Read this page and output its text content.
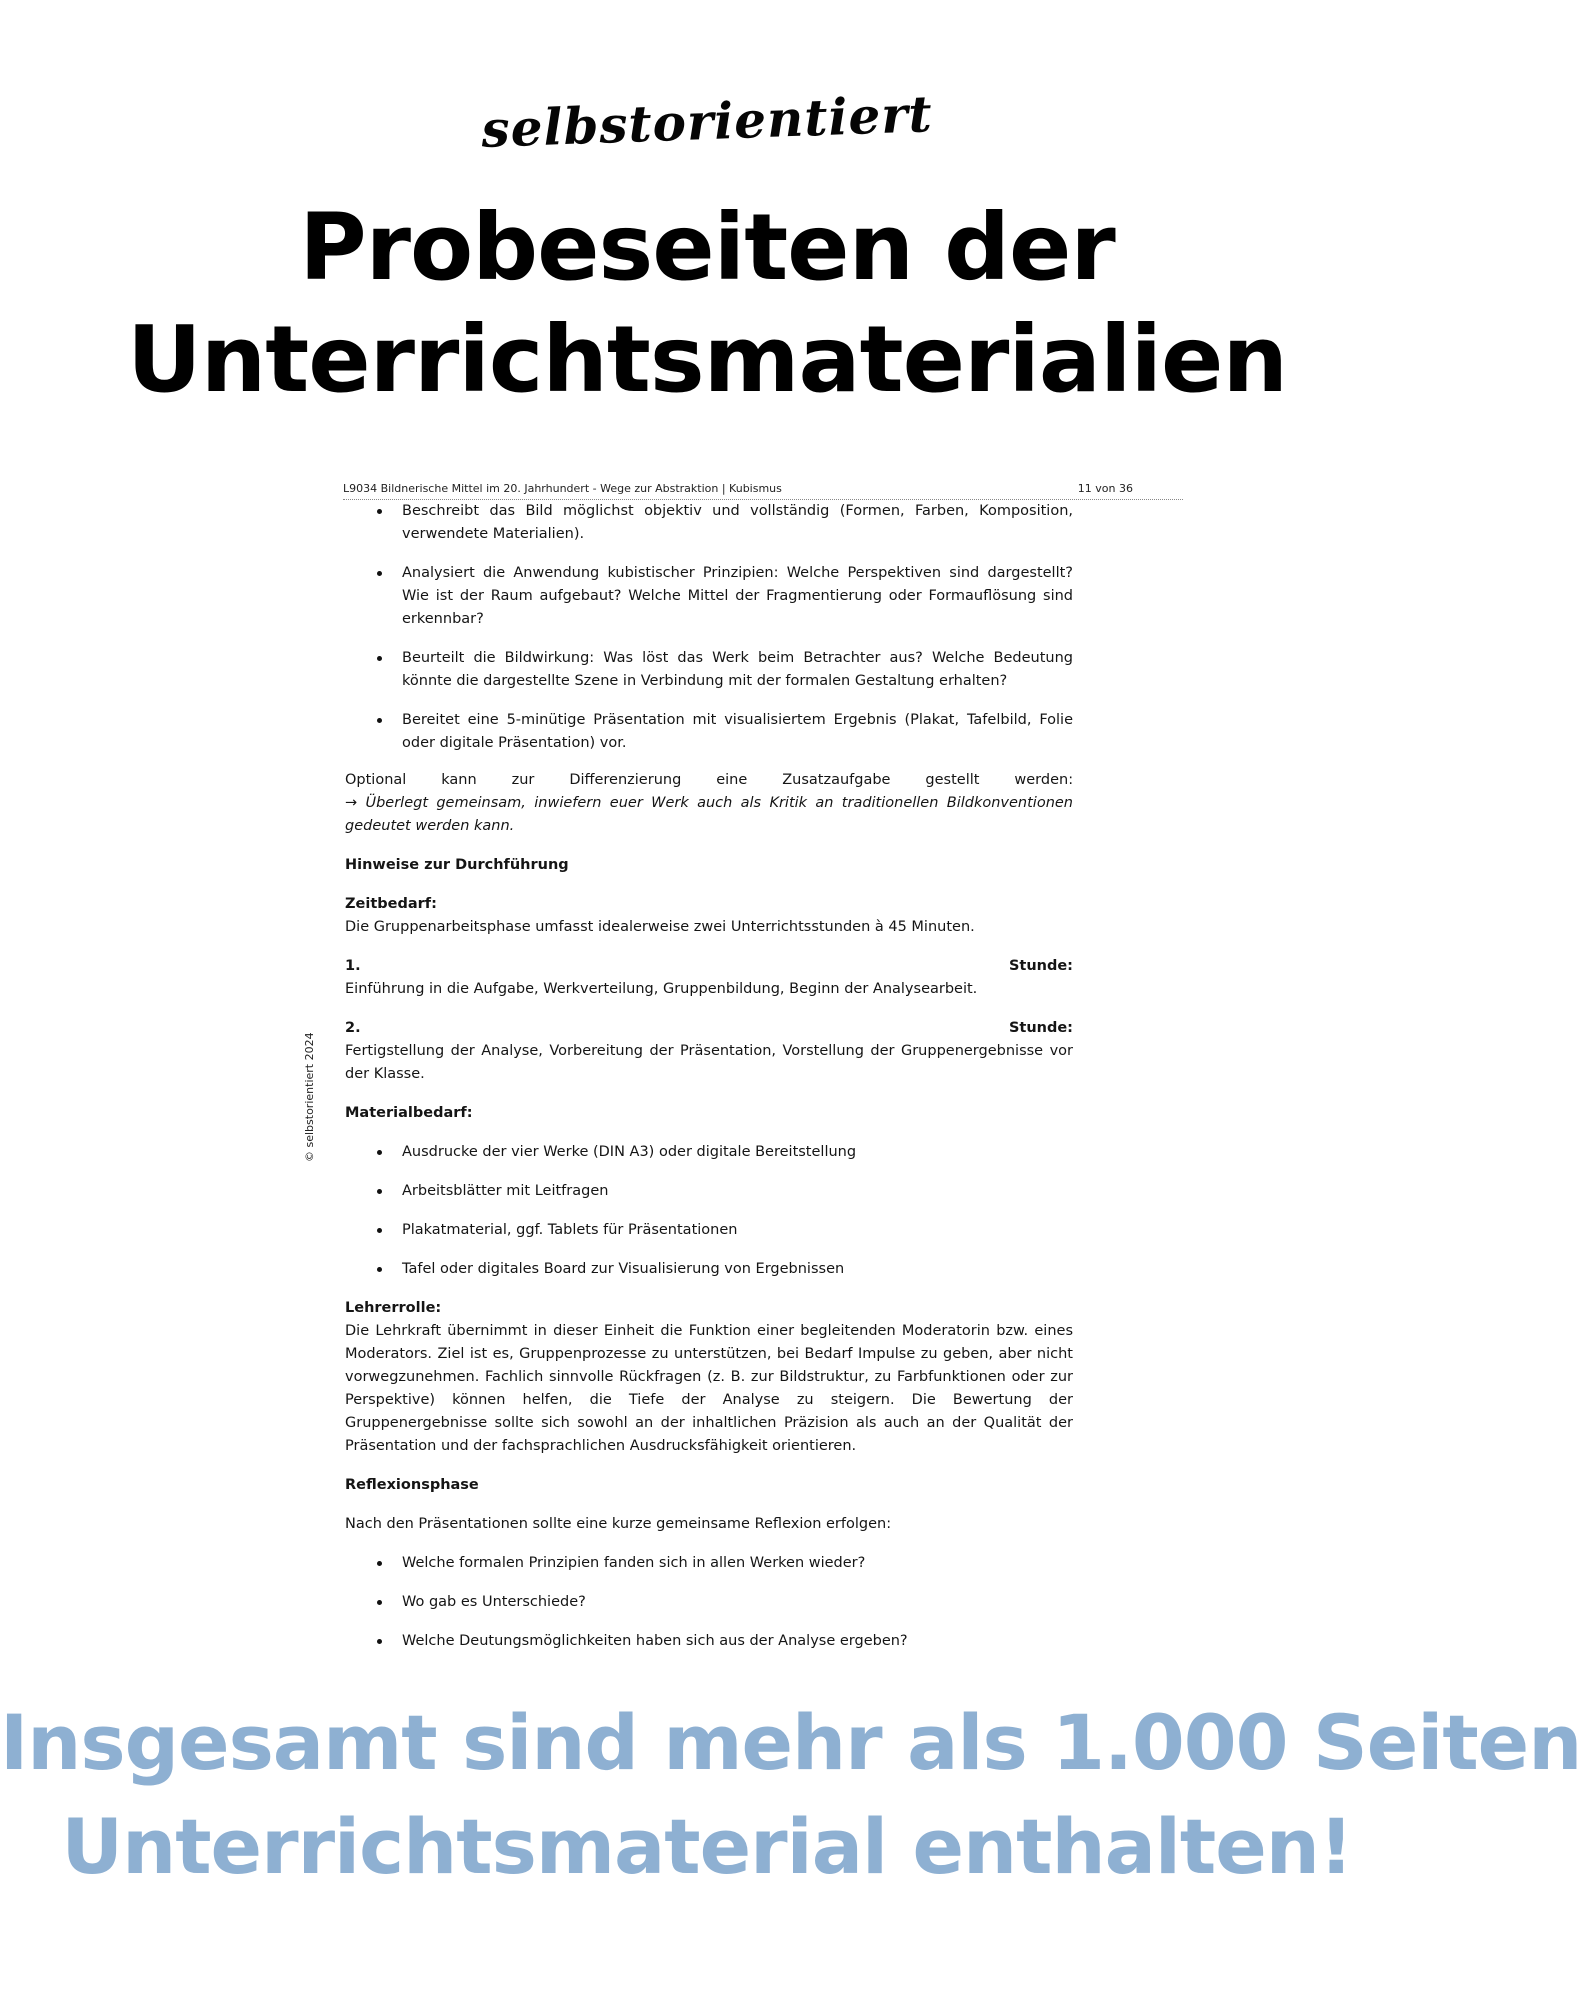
selbstorientiert
Probeseiten der
Unterrichtsmaterialien
© selbstorientiert 2024
L9034 Bildnerische Mittel im 20. Jahrhundert - Wege zur Abstraktion | Kubismus	11 von 36
Beschreibt das Bild möglichst objektiv und vollständig (Formen, Farben, Komposition, verwendete Materialien).
Analysiert die Anwendung kubistischer Prinzipien: Welche Perspektiven sind dargestellt? Wie ist der Raum aufgebaut? Welche Mittel der Fragmentierung oder Formauflösung sind erkennbar?
Beurteilt die Bildwirkung: Was löst das Werk beim Betrachter aus? Welche Bedeutung könnte die dargestellte Szene in Verbindung mit der formalen Gestaltung erhalten?
Bereitet eine 5-minütige Präsentation mit visualisiertem Ergebnis (Plakat, Tafelbild, Folie oder digitale Präsentation) vor.

Optional kann zur Differenzierung eine Zusatzaufgabe gestellt werden:

→ Überlegt gemeinsam, inwiefern euer Werk auch als Kritik an traditionellen Bildkonventionen gedeutet werden kann.

Hinweise zur Durchführung

Zeitbedarf:

Die Gruppenarbeitsphase umfasst idealerweise zwei Unterrichtsstunden à 45 Minuten.

1.	Stunde:

Einführung in die Aufgabe, Werkverteilung, Gruppenbildung, Beginn der Analysearbeit.

2.	Stunde:

Fertigstellung der Analyse, Vorbereitung der Präsentation, Vorstellung der Gruppenergebnisse vor der Klasse.

Materialbedarf:

Ausdrucke der vier Werke (DIN A3) oder digitale Bereitstellung
Arbeitsblätter mit Leitfragen
Plakatmaterial, ggf. Tablets für Präsentationen
Tafel oder digitales Board zur Visualisierung von Ergebnissen

Lehrerrolle:

Die Lehrkraft übernimmt in dieser Einheit die Funktion einer begleitenden Moderatorin bzw. eines Moderators. Ziel ist es, Gruppenprozesse zu unterstützen, bei Bedarf Impulse zu geben, aber nicht vorwegzunehmen. Fachlich sinnvolle Rückfragen (z. B. zur Bildstruktur, zu Farbfunktionen oder zur Perspektive) können helfen, die Tiefe der Analyse zu steigern. Die Bewertung der Gruppenergebnisse sollte sich sowohl an der inhaltlichen Präzision als auch an der Qualität der Präsentation und der fachsprachlichen Ausdrucksfähigkeit orientieren.

Reflexionsphase

Nach den Präsentationen sollte eine kurze gemeinsame Reflexion erfolgen:

Welche formalen Prinzipien fanden sich in allen Werken wieder?
Wo gab es Unterschiede?
Welche Deutungsmöglichkeiten haben sich aus der Analyse ergeben?

Insgesamt sind mehr als 1.000 Seiten

Unterrichtsmaterial enthalten!
